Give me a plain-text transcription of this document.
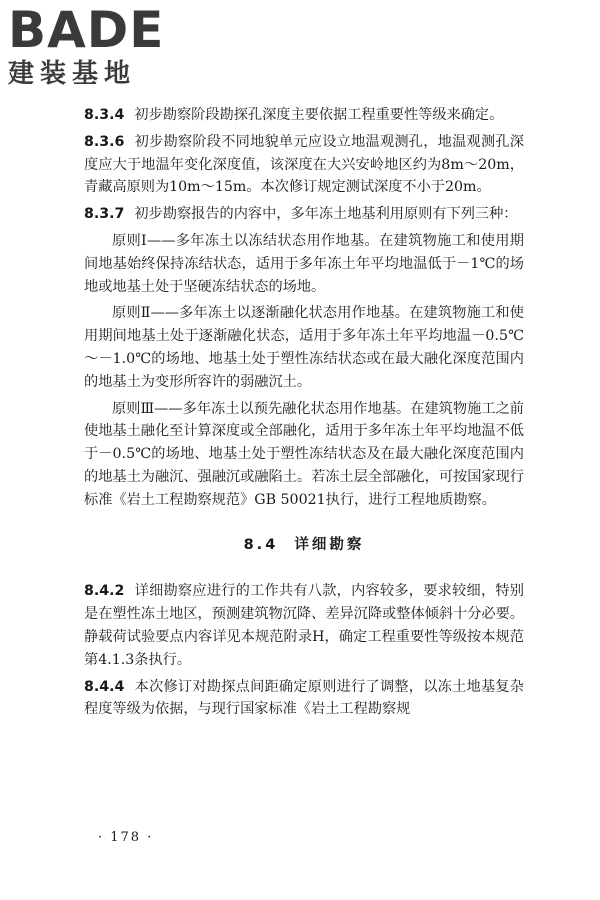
BADE
建装基地

8.3.4 初步勘察阶段勘探孔深度主要依据工程重要性等级来确定。

8.3.6 初步勘察阶段不同地貌单元应设立地温观测孔，地温观测孔深度应大于地温年变化深度值，该深度在大兴安岭地区约为8m～20m，青藏高原则为10m～15m。本次修订规定测试深度不小于20m。

8.3.7 初步勘察报告的内容中，多年冻土地基利用原则有下列三种：

原则Ⅰ——多年冻土以冻结状态用作地基。在建筑物施工和使用期间地基始终保持冻结状态，适用于多年冻土年平均地温低于－1℃的场地或地基土处于坚硬冻结状态的场地。

原则Ⅱ——多年冻土以逐渐融化状态用作地基。在建筑物施工和使用期间地基土处于逐渐融化状态，适用于多年冻土年平均地温－0.5℃～－1.0℃的场地、地基土处于塑性冻结状态或在最大融化深度范围内的地基土为变形所容许的弱融沉土。

原则Ⅲ——多年冻土以预先融化状态用作地基。在建筑物施工之前使地基土融化至计算深度或全部融化，适用于多年冻土年平均地温不低于－0.5℃的场地、地基土处于塑性冻结状态及在最大融化深度范围内的地基土为融沉、强融沉或融陷土。若冻土层全部融化，可按国家现行标准《岩土工程勘察规范》GB 50021执行，进行工程地质勘察。

8.4 详细勘察

8.4.2 详细勘察应进行的工作共有八款，内容较多，要求较细，特别是在塑性冻土地区，预测建筑物沉降、差异沉降或整体倾斜十分必要。静载荷试验要点内容详见本规范附录H，确定工程重要性等级按本规范第4.1.3条执行。

8.4.4 本次修订对勘探点间距确定原则进行了调整，以冻土地基复杂程度等级为依据，与现行国家标准《岩土工程勘察规

· 178 ·
